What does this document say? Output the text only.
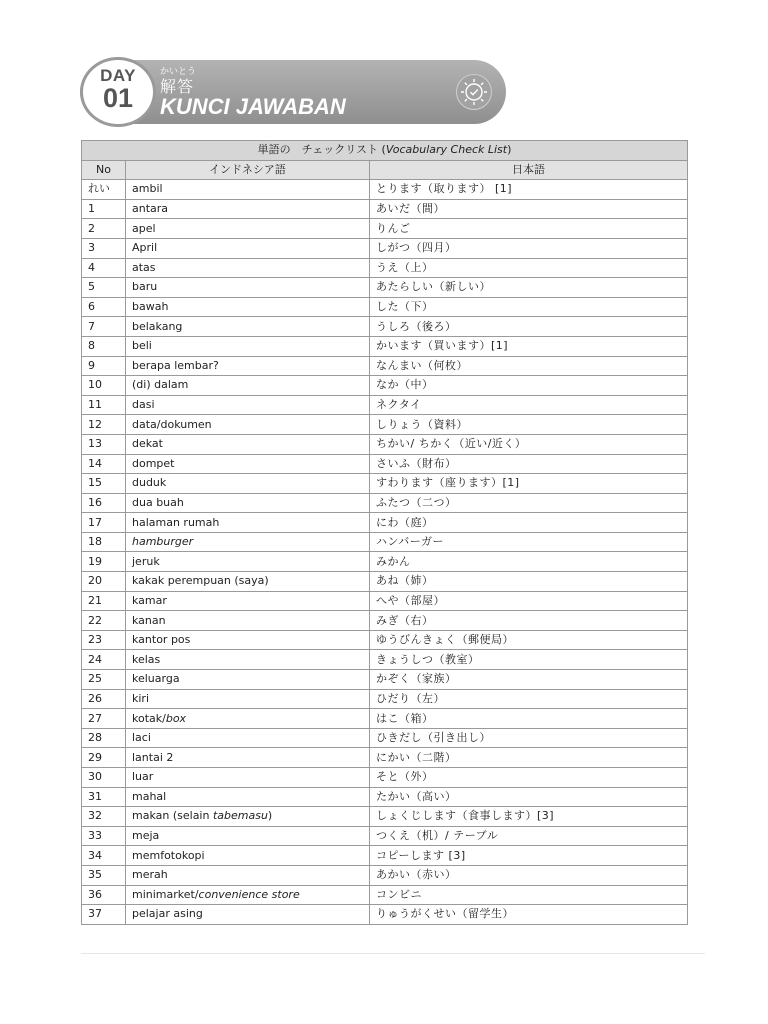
DAY
01
かいとう
解答
KUNCI JAWABAN
単語の　チェックリスト (Vocabulary Check List)		
No	インドネシア語	日本語
れい	ambil	とります（取ります） [1]
1	antara	あいだ（間）
2	apel	りんご
3	April	しがつ（四月）
4	atas	うえ（上）
5	baru	あたらしい（新しい）
6	bawah	した（下）
7	belakang	うしろ（後ろ）
8	beli	かいます（買います）[1]
9	berapa lembar?	なんまい（何枚）
10	(di) dalam	なか（中）
11	dasi	ネクタイ
12	data/dokumen	しりょう（資料）
13	dekat	ちかい/ ちかく（近い/近く）
14	dompet	さいふ（財布）
15	duduk	すわります（座ります）[1]
16	dua buah	ふたつ（二つ）
17	halaman rumah	にわ（庭）
18	hamburger	ハンバーガー
19	jeruk	みかん
20	kakak perempuan (saya)	あね（姉）
21	kamar	へや（部屋）
22	kanan	みぎ（右）
23	kantor pos	ゆうびんきょく（郵便局）
24	kelas	きょうしつ（教室）
25	keluarga	かぞく（家族）
26	kiri	ひだり（左）
27	kotak/box	はこ（箱）
28	laci	ひきだし（引き出し）
29	lantai 2	にかい（二階）
30	luar	そと（外）
31	mahal	たかい（高い）
32	makan (selain tabemasu)	しょくじします（食事します）[3]
33	meja	つくえ（机）/ テーブル
34	memfotokopi	コピーします [3]
35	merah	あかい（赤い）
36	minimarket/convenience store	コンビニ
37	pelajar asing	りゅうがくせい（留学生）
